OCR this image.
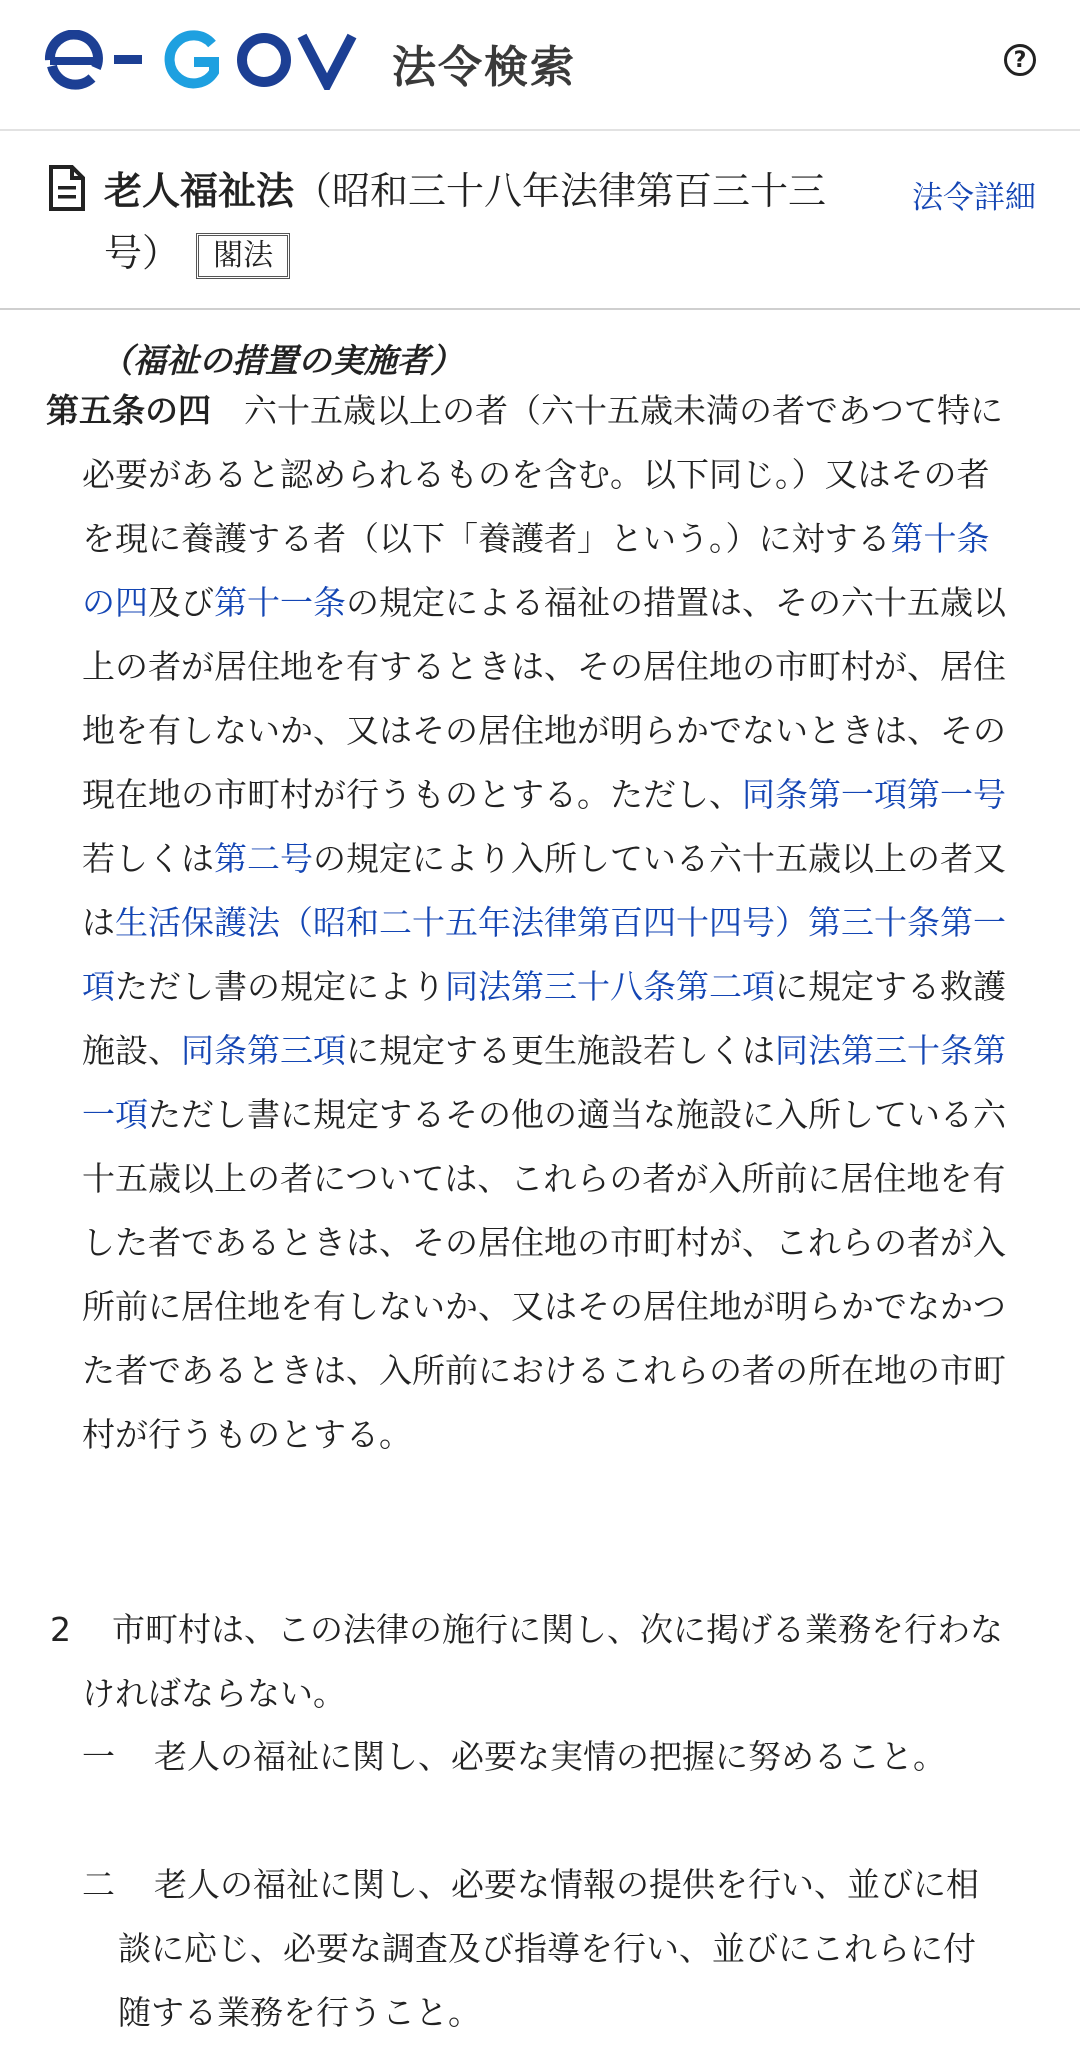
法令検索	?
老人福祉法（昭和三十八年法律第百三十三号） 閣法
法令詳細
（福祉の措置の実施者）
第五条の四　六十五歳以上の者（六十五歳未満の者であつて特に必要があると認められるものを含む。以下同じ。）又はその者を現に養護する者（以下「養護者」という。）に対する第十条の四及び第十一条の規定による福祉の措置は、その六十五歳以上の者が居住地を有するときは、その居住地の市町村が、居住地を有しないか、又はその居住地が明らかでないときは、その現在地の市町村が行うものとする。ただし、同条第一項第一号若しくは第二号の規定により入所している六十五歳以上の者又は生活保護法（昭和二十五年法律第百四十四号）第三十条第一項ただし書の規定により同法第三十八条第二項に規定する救護施設、同条第三項に規定する更生施設若しくは同法第三十条第一項ただし書に規定するその他の適当な施設に入所している六十五歳以上の者については、これらの者が入所前に居住地を有した者であるときは、その居住地の市町村が、これらの者が入所前に居住地を有しないか、又はその居住地が明らかでなかつた者であるときは、入所前におけるこれらの者の所在地の市町村が行うものとする。
2 市町村は、この法律の施行に関し、次に掲げる業務を行わなければならない。
一 老人の福祉に関し、必要な実情の把握に努めること。
二 老人の福祉に関し、必要な情報の提供を行い、並びに相談に応じ、必要な調査及び指導を行い、並びにこれらに付随する業務を行うこと。
